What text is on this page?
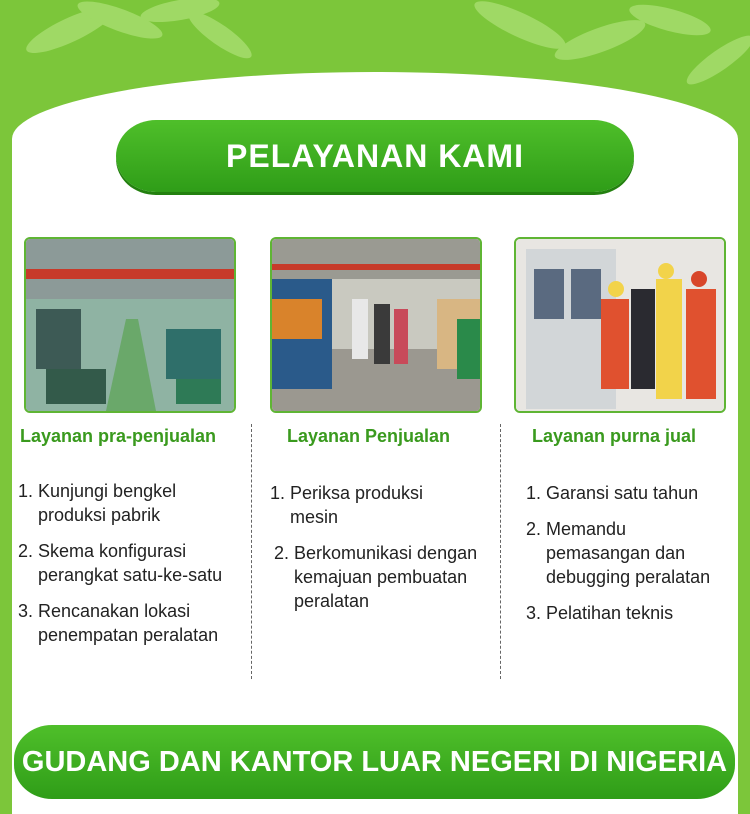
PELAYANAN KAMI
Layanan pra-penjualan	Layanan Penjualan	Layanan purna jual
1. Kunjungi bengkel
produksi pabrik
2. Skema konfigurasi
perangkat satu-ke-satu
3. Rencanakan lokasi
penempatan peralatan
1. Periksa produksi
mesin
2. Berkomunikasi dengan
kemajuan pembuatan
peralatan
1. Garansi satu tahun
2. Memandu
pemasangan dan
debugging peralatan
3. Pelatihan teknis
GUDANG DAN KANTOR LUAR NEGERI DI NIGERIA
